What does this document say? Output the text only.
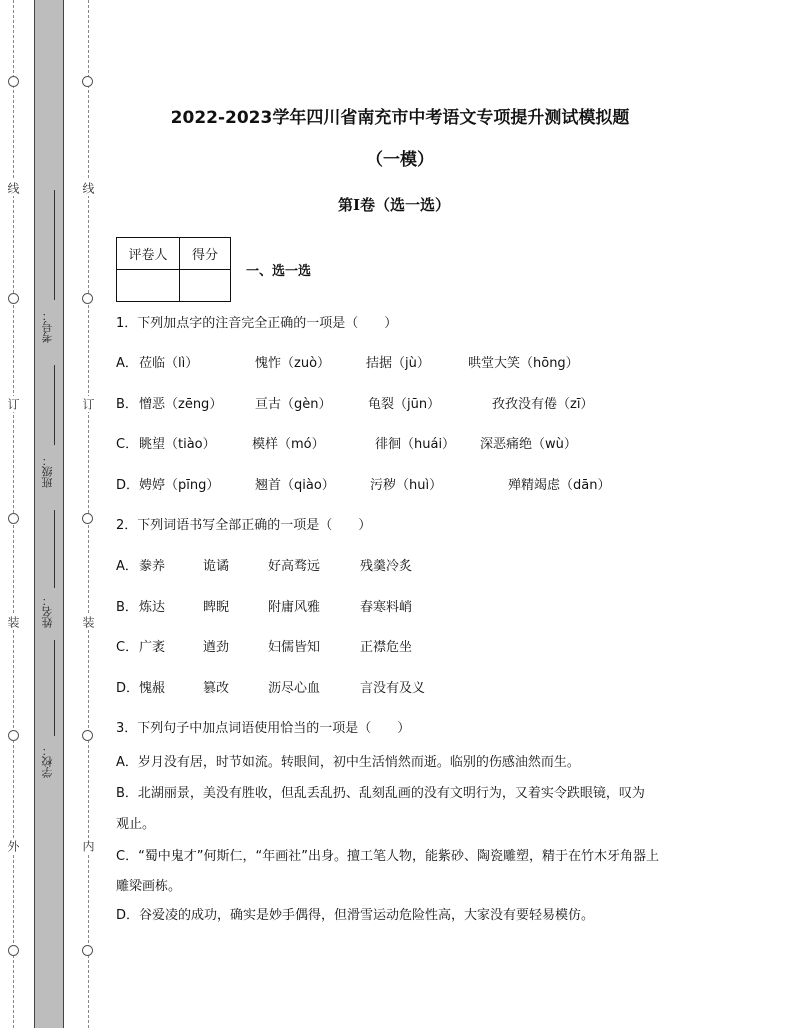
线
订
装
外
线
订
装
内
考号：
班级：
姓名：
学校：
2022-2023学年四川省南充市中考语文专项提升测试模拟题
（一模）
第I卷（选一选）
评卷人	得分

一、选一选
1．下列加点字的注音完全正确的一项是（　　）
A． 莅临（lì）	愧怍（zuò）	拮据（jù）	哄堂大笑（hōng）
B． 憎恶（zēng）	亘古（gèn）	龟裂（jūn）	孜孜没有倦（zī）
C． 眺望（tiào）	模样（mó）	徘徊（huái） 深恶痛绝（wù）
D． 娉婷（pīng）	翘首（qiào）	污秽（huì）	殚精竭虑（dān）
2．下列词语书写全部正确的一项是（　　）
A． 豢养	诡谲	好高骛远	残羹冷炙
B． 炼达	睥睨	附庸风雅	春寒料峭
C． 广袤	遒劲	妇儒皆知	正襟危坐
D． 愧赧	篡改	沥尽心血	言没有及义
3．下列句子中加点词语使用恰当的一项是（　　）
A．岁月没有居，时节如流。转眼间，初中生活悄然而逝。临别的伤感油然而生。
B．北湖丽景，美没有胜收，但乱丢乱扔、乱刻乱画的没有文明行为，又着实令跌眼镜，叹为
观止。
C．“蜀中鬼才”何斯仁，“年画社”出身。擅工笔人物，能紫砂、陶瓷雕塑，精于在竹木牙角器上
雕梁画栋。
D．谷爱凌的成功，确实是妙手偶得，但滑雪运动危险性高，大家没有要轻易模仿。
